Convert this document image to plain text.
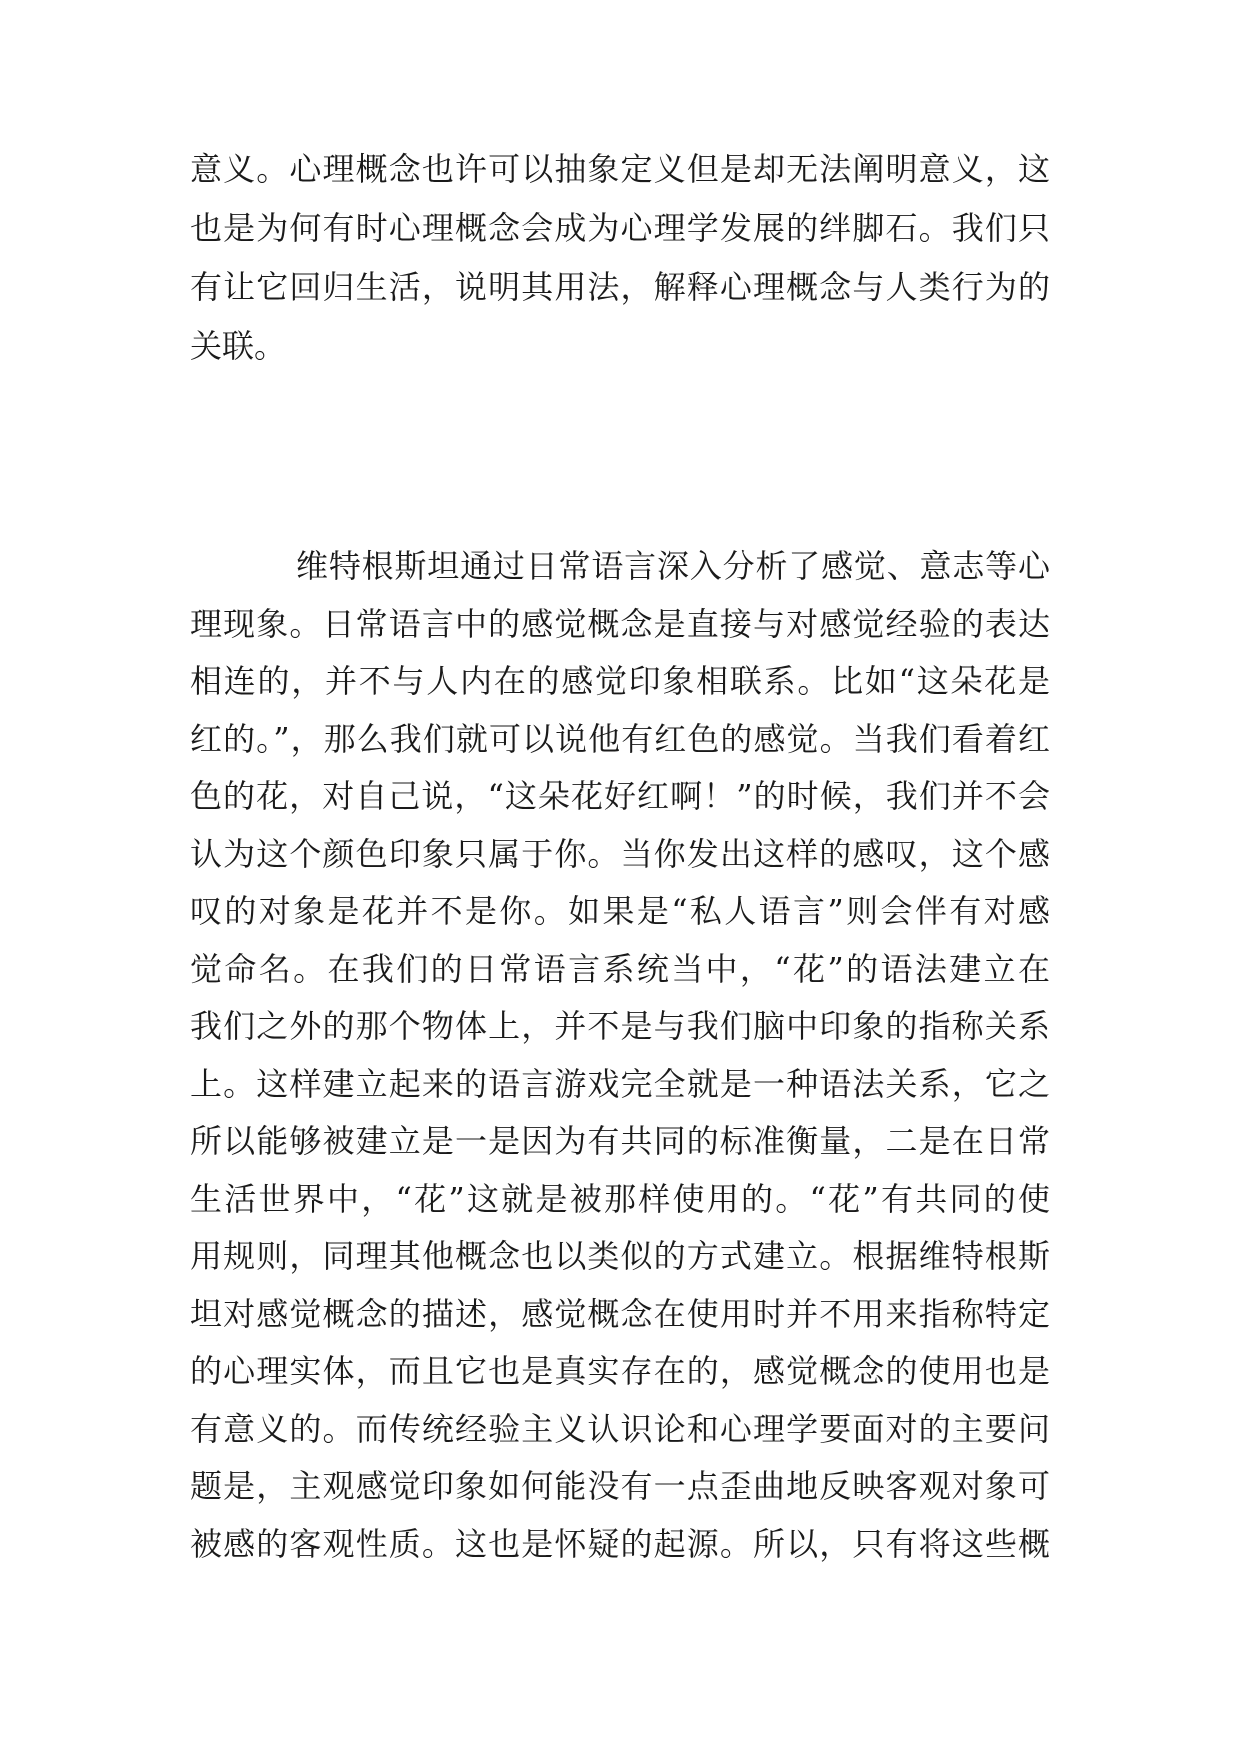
意义。心理概念也许可以抽象定义但是却无法阐明意义，这
也是为何有时心理概念会成为心理学发展的绊脚石。我们只
有让它回归生活，说明其用法，解释心理概念与人类行为的
关联。
维特根斯坦通过日常语言深入分析了感觉、意志等心
理现象。日常语言中的感觉概念是直接与对感觉经验的表达
相连的，并不与人内在的感觉印象相联系。比如“这朵花是
红的。”，那么我们就可以说他有红色的感觉。当我们看着红
色的花，对自己说，“这朵花好红啊！”的时候，我们并不会
认为这个颜色印象只属于你。当你发出这样的感叹，这个感
叹的对象是花并不是你。如果是“私人语言”则会伴有对感
觉命名。在我们的日常语言系统当中，“花”的语法建立在
我们之外的那个物体上，并不是与我们脑中印象的指称关系
上。这样建立起来的语言游戏完全就是一种语法关系，它之
所以能够被建立是一是因为有共同的标准衡量，二是在日常
生活世界中，“花”这就是被那样使用的。“花”有共同的使
用规则，同理其他概念也以类似的方式建立。根据维特根斯
坦对感觉概念的描述，感觉概念在使用时并不用来指称特定
的心理实体，而且它也是真实存在的，感觉概念的使用也是
有意义的。而传统经验主义认识论和心理学要面对的主要问
题是，主观感觉印象如何能没有一点歪曲地反映客观对象可
被感的客观性质。这也是怀疑的起源。所以，只有将这些概
